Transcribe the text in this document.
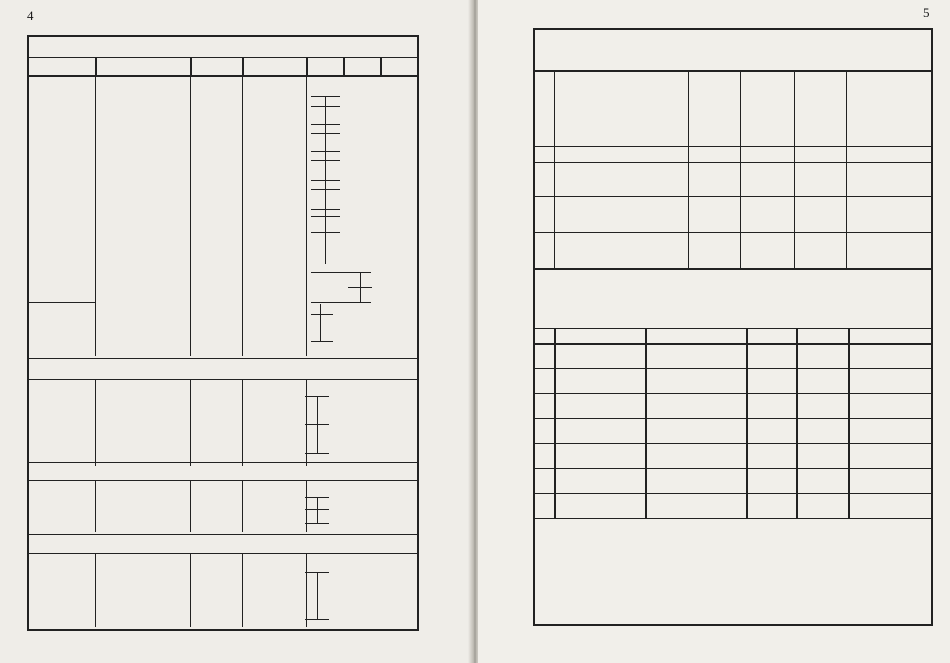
4	5
